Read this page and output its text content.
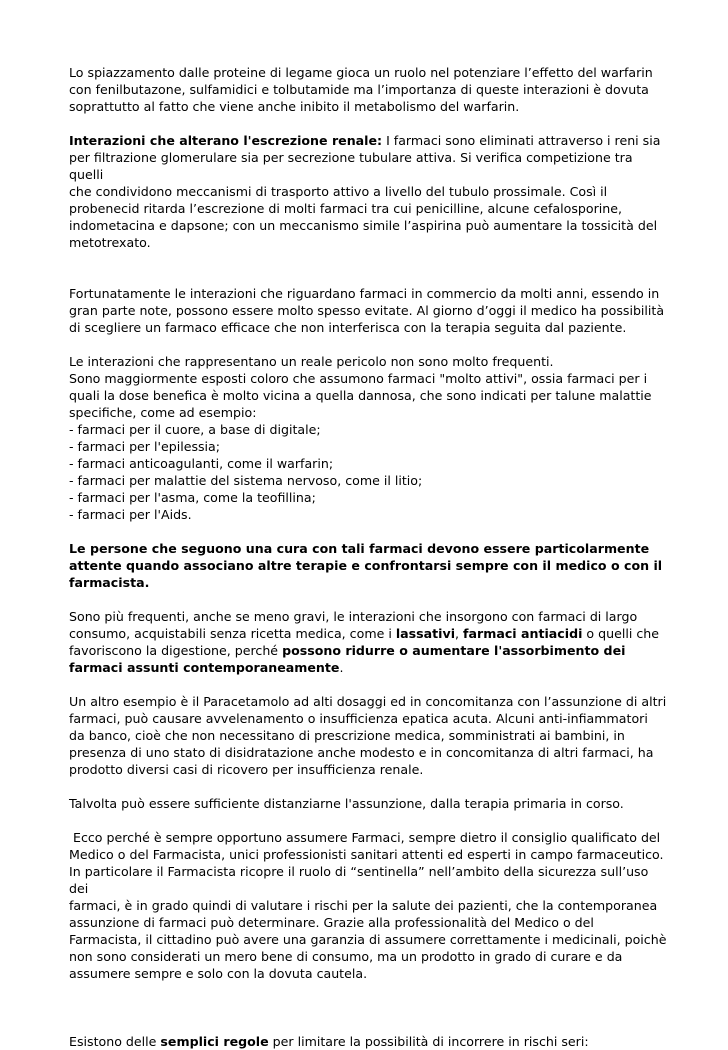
Lo spiazzamento dalle proteine di legame gioca un ruolo nel potenziare l’effetto del warfarin

con fenilbutazone, sulfamidici e tolbutamide ma l’importanza di queste interazioni è dovuta

soprattutto al fatto che viene anche inibito il metabolismo del warfarin.

Interazioni che alterano l'escrezione renale: I farmaci sono eliminati attraverso i reni sia

per filtrazione glomerulare sia per secrezione tubulare attiva. Si verifica competizione tra quelli

che condividono meccanismi di trasporto attivo a livello del tubulo prossimale. Così il

probenecid ritarda l’escrezione di molti farmaci tra cui penicilline, alcune cefalosporine,

indometacina e dapsone; con un meccanismo simile l’aspirina può aumentare la tossicità del

metotrexato.

Fortunatamente le interazioni che riguardano farmaci in commercio da molti anni, essendo in

gran parte note, possono essere molto spesso evitate. Al giorno d’oggi il medico ha possibilità

di scegliere un farmaco efficace che non interferisca con la terapia seguita dal paziente.

Le interazioni che rappresentano un reale pericolo non sono molto frequenti.

Sono maggiormente esposti coloro che assumono farmaci "molto attivi", ossia farmaci per i

quali la dose benefica è molto vicina a quella dannosa, che sono indicati per talune malattie

specifiche, come ad esempio:

- farmaci per il cuore, a base di digitale;

- farmaci per l'epilessia;

- farmaci anticoagulanti, come il warfarin;

- farmaci per malattie del sistema nervoso, come il litio;

- farmaci per l'asma, come la teofillina;

- farmaci per l'Aids.

Le persone che seguono una cura con tali farmaci devono essere particolarmente

attente quando associano altre terapie e confrontarsi sempre con il medico o con il

farmacista.

Sono più frequenti, anche se meno gravi, le interazioni che insorgono con farmaci di largo

consumo, acquistabili senza ricetta medica, come i lassativi, farmaci antiacidi o quelli che

favoriscono la digestione, perché possono ridurre o aumentare l'assorbimento dei

farmaci assunti contemporaneamente.

Un altro esempio è il Paracetamolo ad alti dosaggi ed in concomitanza con l’assunzione di altri

farmaci, può causare avvelenamento o insufficienza epatica acuta. Alcuni anti-infiammatori

da banco, cioè che non necessitano di prescrizione medica, somministrati ai bambini, in

presenza di uno stato di disidratazione anche modesto e in concomitanza di altri farmaci, ha

prodotto diversi casi di ricovero per insufficienza renale.

Talvolta può essere sufficiente distanziarne l'assunzione, dalla terapia primaria in corso.

Ecco perché è sempre opportuno assumere Farmaci, sempre dietro il consiglio qualificato del

Medico o del Farmacista, unici professionisti sanitari attenti ed esperti in campo farmaceutico.

In particolare il Farmacista ricopre il ruolo di “sentinella” nell’ambito della sicurezza sull’uso dei

farmaci, è in grado quindi di valutare i rischi per la salute dei pazienti, che la contemporanea

assunzione di farmaci può determinare. Grazie alla professionalità del Medico o del

Farmacista, il cittadino può avere una garanzia di assumere correttamente i medicinali, poichè

non sono considerati un mero bene di consumo, ma un prodotto in grado di curare e da

assumere sempre e solo con la dovuta cautela.

Esistono delle semplici regole per limitare la possibilità di incorrere in rischi seri:
